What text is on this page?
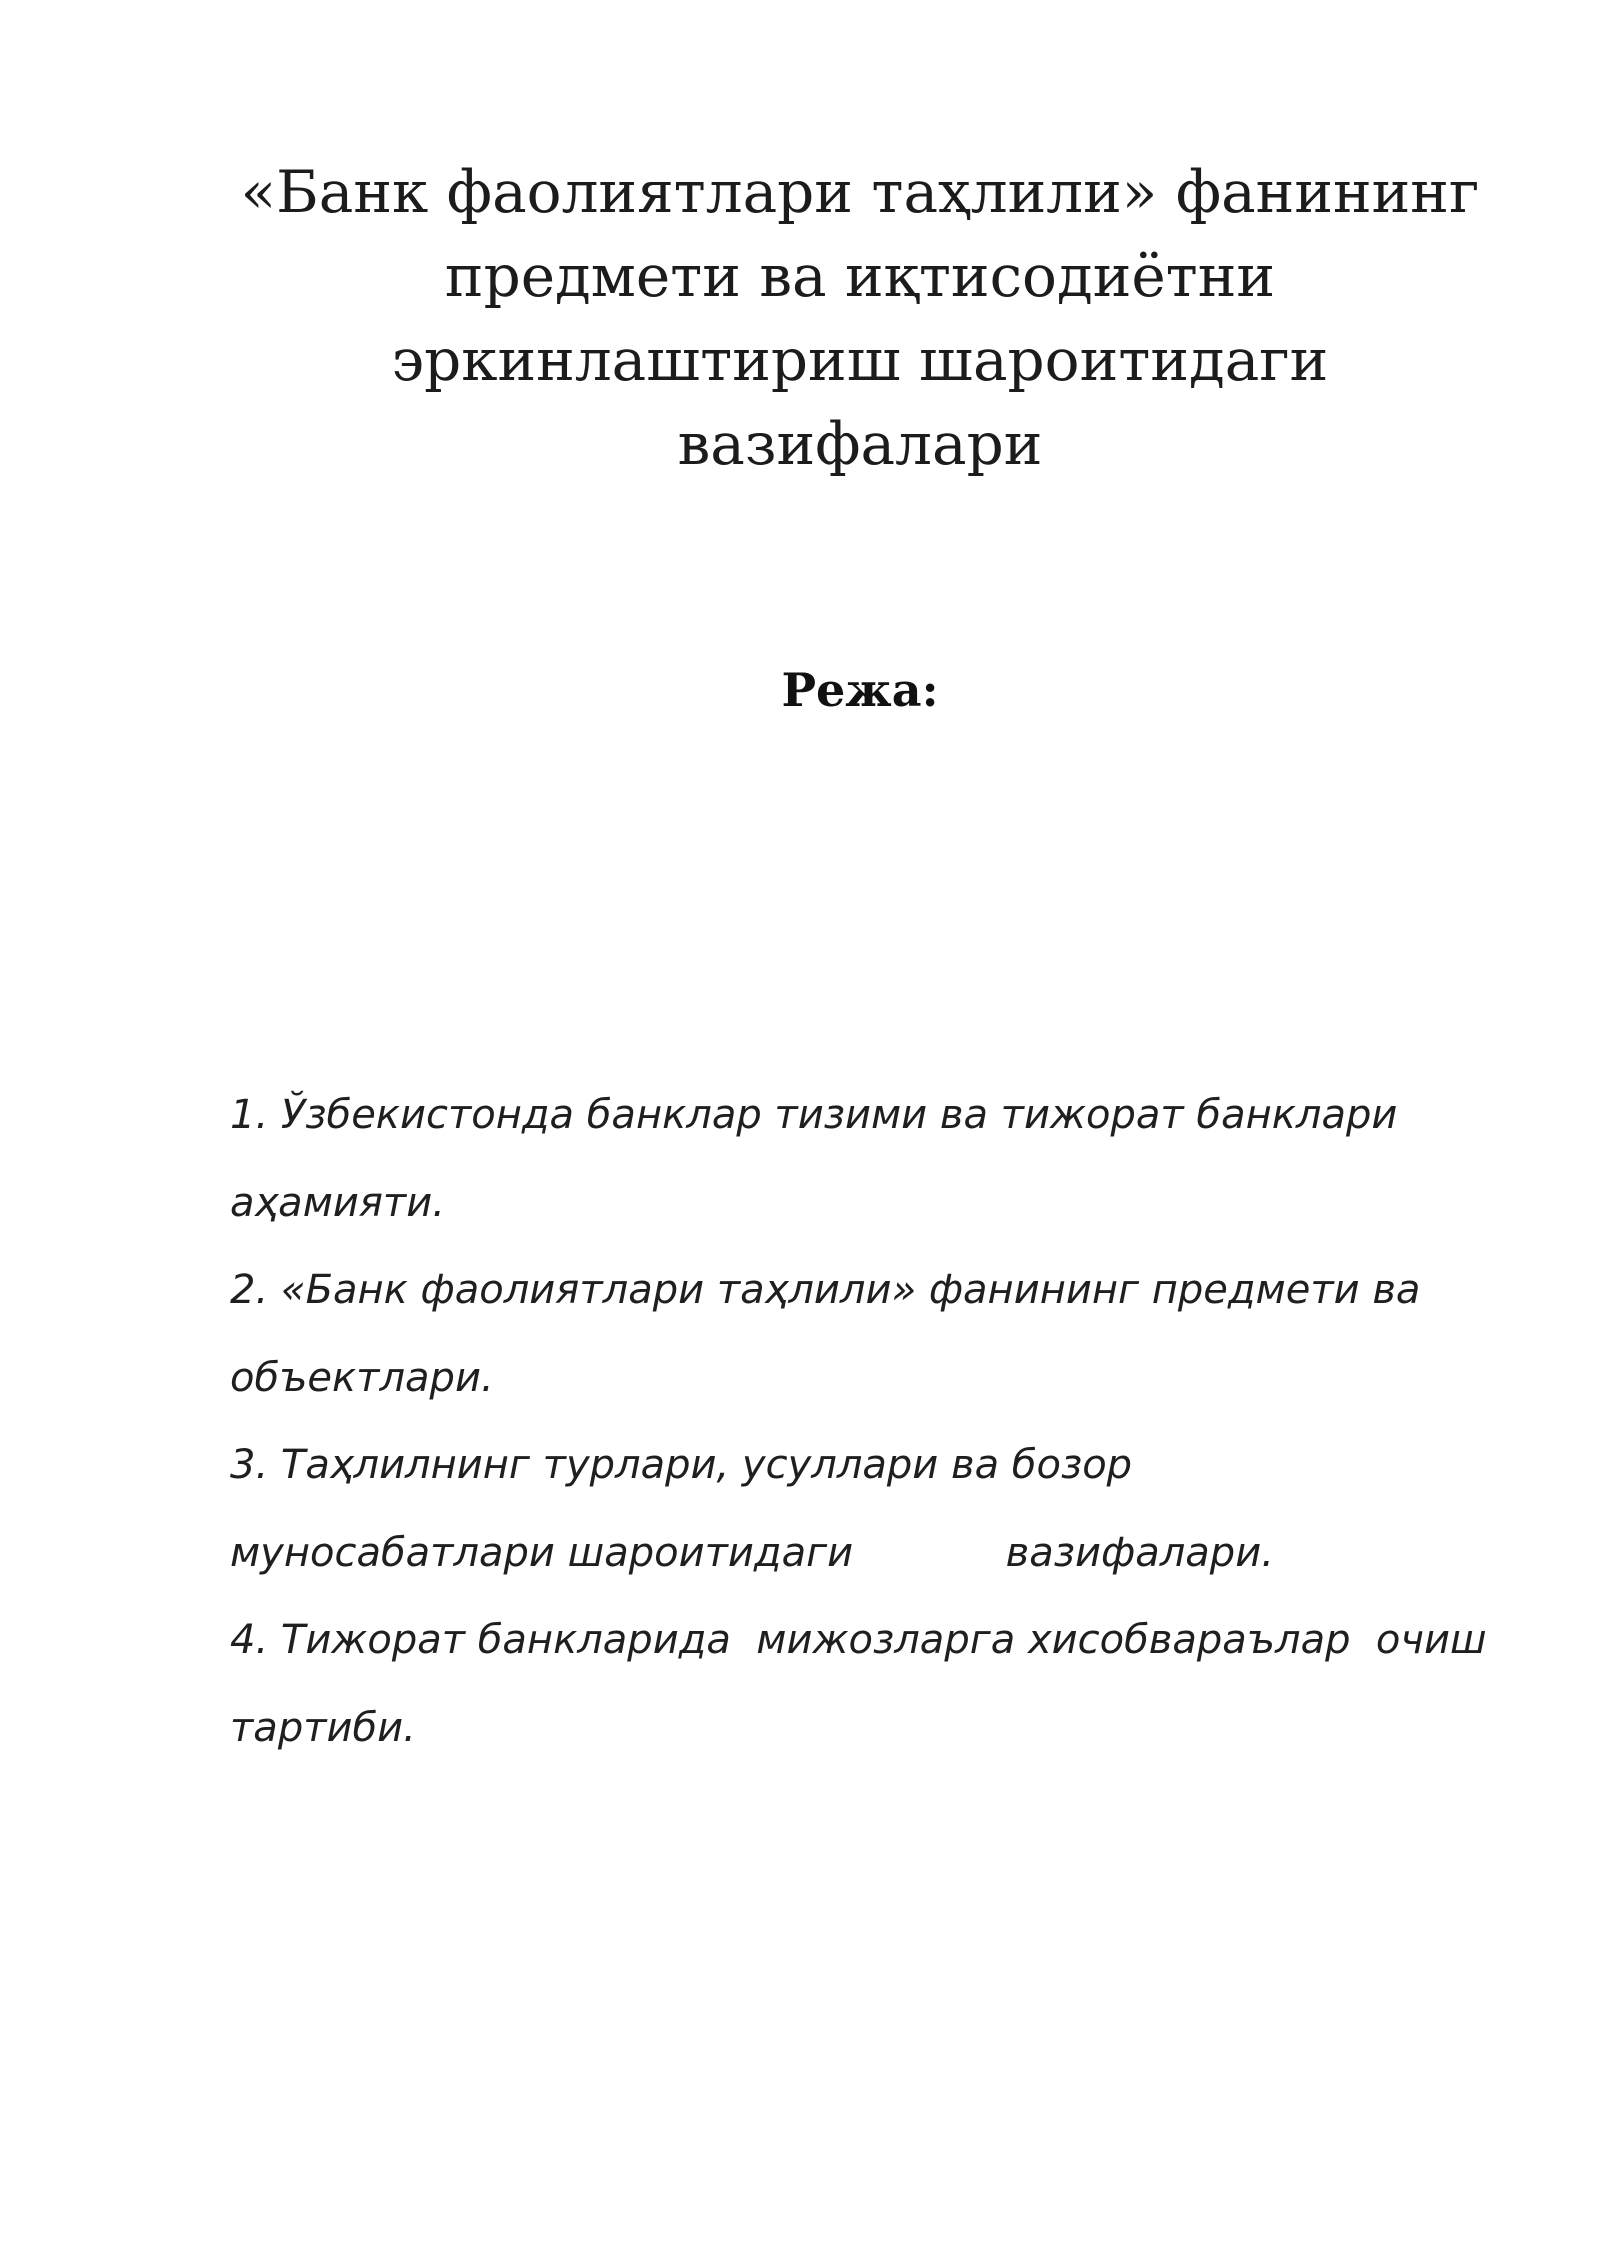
«Банк фаолиятлари таҳлили» фанининг
предмети ва иқтисодиётни
эркинлаштириш шароитидаги
вазифалари
Режа:
1. Ўзбекистонда банклар тизими ва тижорат банклари
аҳамияти.
2. «Банк фаолиятлари таҳлили» фанининг предмети ва
объектлари.
3. Таҳлилнинг турлари, усуллари ва бозор
муносабатлари шароитидаги            вазифалари.
4. Тижорат банкларида  мижозларга хисобвараълар  очиш
тартиби.
